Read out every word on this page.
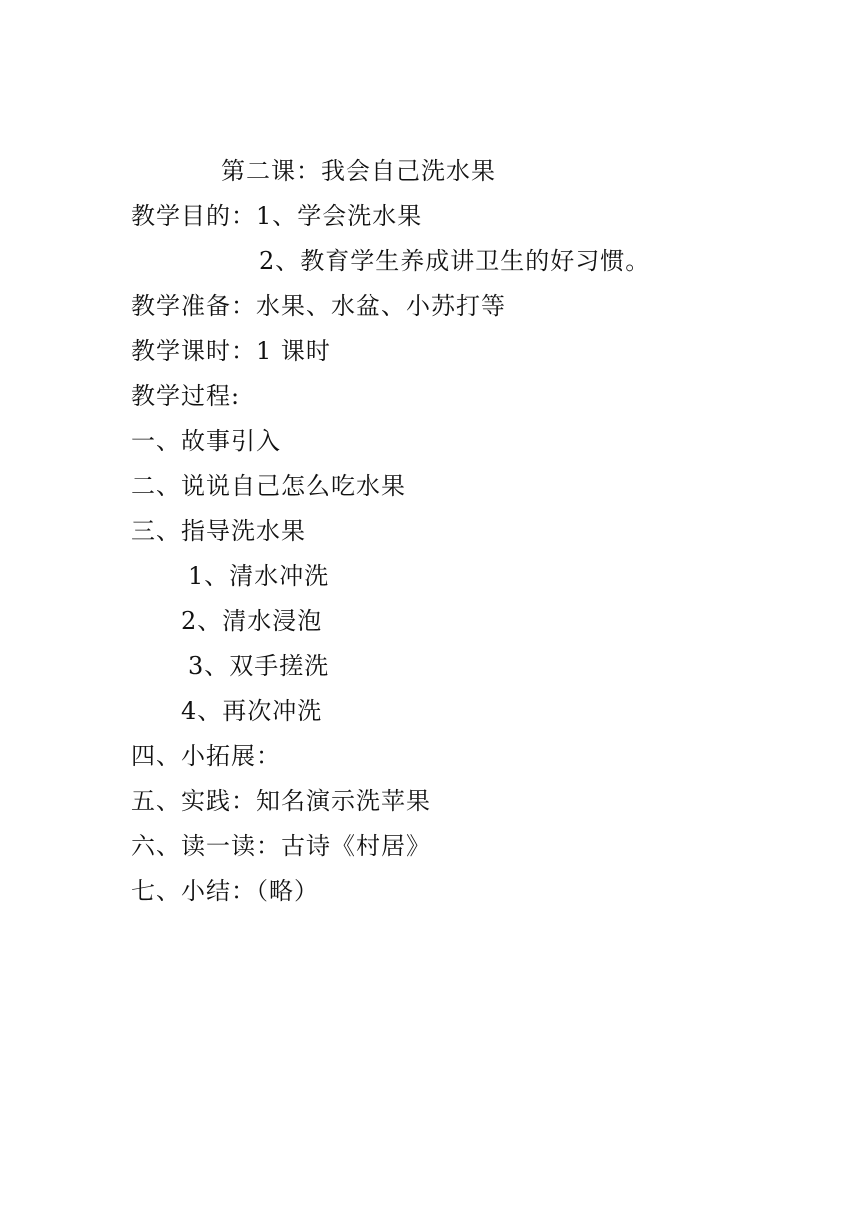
第二课：我会自己洗水果
教学目的：1、学会洗水果
2、教育学生养成讲卫生的好习惯。
教学准备：水果、水盆、小苏打等
教学课时：1 课时
教学过程:
一、故事引入
二、说说自己怎么吃水果
三、指导洗水果
1、清水冲洗
2、清水浸泡
3、双手搓洗
4、再次冲洗
四、小拓展：
五、实践：知名演示洗苹果
六、读一读：古诗《村居》
七、小结：（略）
